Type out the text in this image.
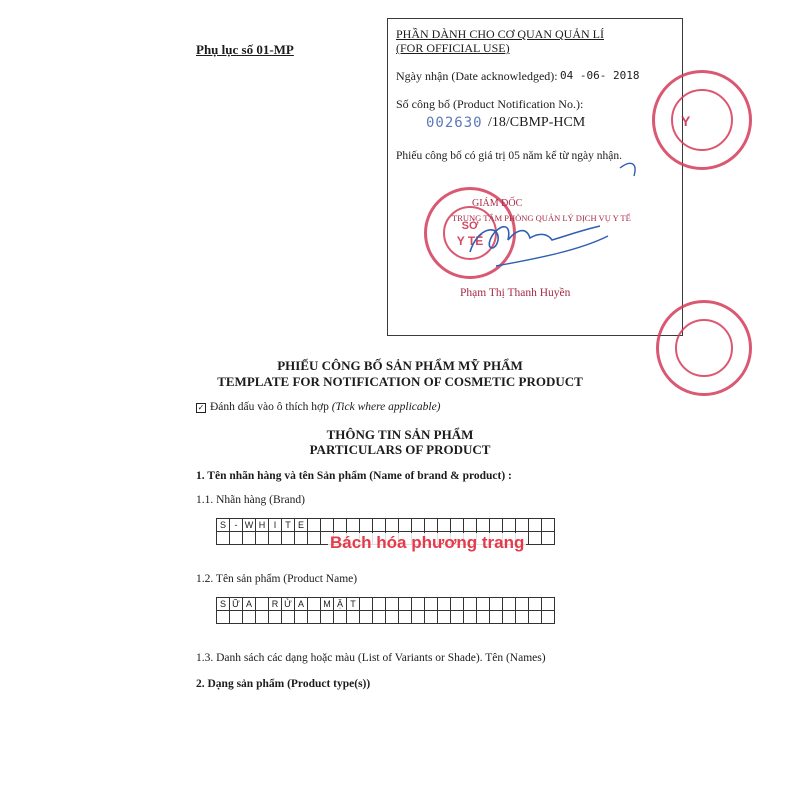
Phụ lục số 01-MP
PHẦN DÀNH CHO CƠ QUAN QUẢN LÍ
(FOR OFFICIAL USE)
Ngày nhận (Date acknowledged): 04 -06- 2018
Số công bố (Product Notification No.):
002630 /18/CBMP-HCM
Phiếu công bố có giá trị 05 năm kể từ ngày nhận.
SỞ
Y TẾ
GIÁM ĐỐC
TRUNG TÂM PHÒNG QUẢN LÝ DỊCH VỤ Y TẾ
Phạm Thị Thanh Huyền
Y
PHIẾU CÔNG BỐ SẢN PHẨM MỸ PHẨM
TEMPLATE FOR NOTIFICATION OF COSMETIC PRODUCT
✓ Đánh dấu vào ô thích hợp (Tick where applicable)
THÔNG TIN SẢN PHẨM
PARTICULARS OF PRODUCT
1. Tên nhãn hàng và tên Sản phẩm (Name of brand & product) :
1.1. Nhãn hàng (Brand)
S - W H I	T E
Bách hóa phương trang
1.2. Tên sản phẩm (Product Name)
S Ữ A	R Ử A	M Ặ T
1.3. Danh sách các dạng hoặc màu (List of Variants or Shade). Tên (Names)
2. Dạng sản phẩm (Product type(s))
